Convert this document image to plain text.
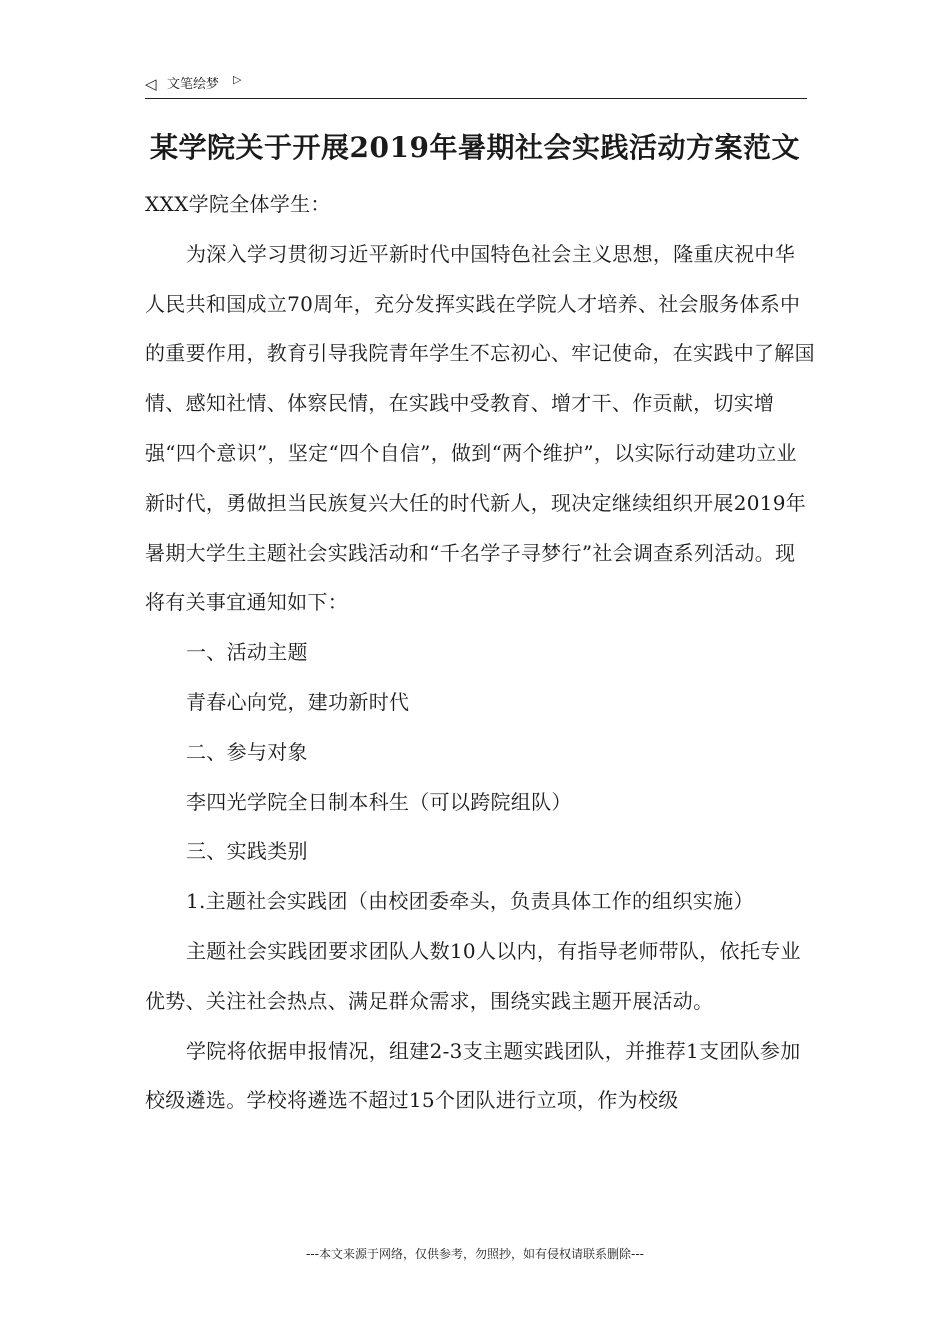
◁ 文笔绘梦 ▷
某学院关于开展2019年暑期社会实践活动方案范文

XXX学院全体学生：

为深入学习贯彻习近平新时代中国特色社会主义思想，隆重庆祝中华人民共和国成立70周年，充分发挥实践在学院人才培养、社会服务体系中的重要作用，教育引导我院青年学生不忘初心、牢记使命，在实践中了解国情、感知社情、体察民情，在实践中受教育、增才干、作贡献，切实增强“四个意识”，坚定“四个自信”，做到“两个维护”，以实际行动建功立业新时代，勇做担当民族复兴大任的时代新人，现决定继续组织开展2019年暑期大学生主题社会实践活动和“千名学子寻梦行”社会调查系列活动。现将有关事宜通知如下：

一、活动主题

青春心向党，建功新时代

二、参与对象

李四光学院全日制本科生（可以跨院组队）

三、实践类别

1.主题社会实践团（由校团委牵头，负责具体工作的组织实施）

主题社会实践团要求团队人数10人以内，有指导老师带队，依托专业优势、关注社会热点、满足群众需求，围绕实践主题开展活动。

学院将依据申报情况，组建2-3支主题实践团队，并推荐1支团队参加校级遴选。学校将遴选不超过15个团队进行立项，作为校级

---本文来源于网络，仅供参考，勿照抄，如有侵权请联系删除---
